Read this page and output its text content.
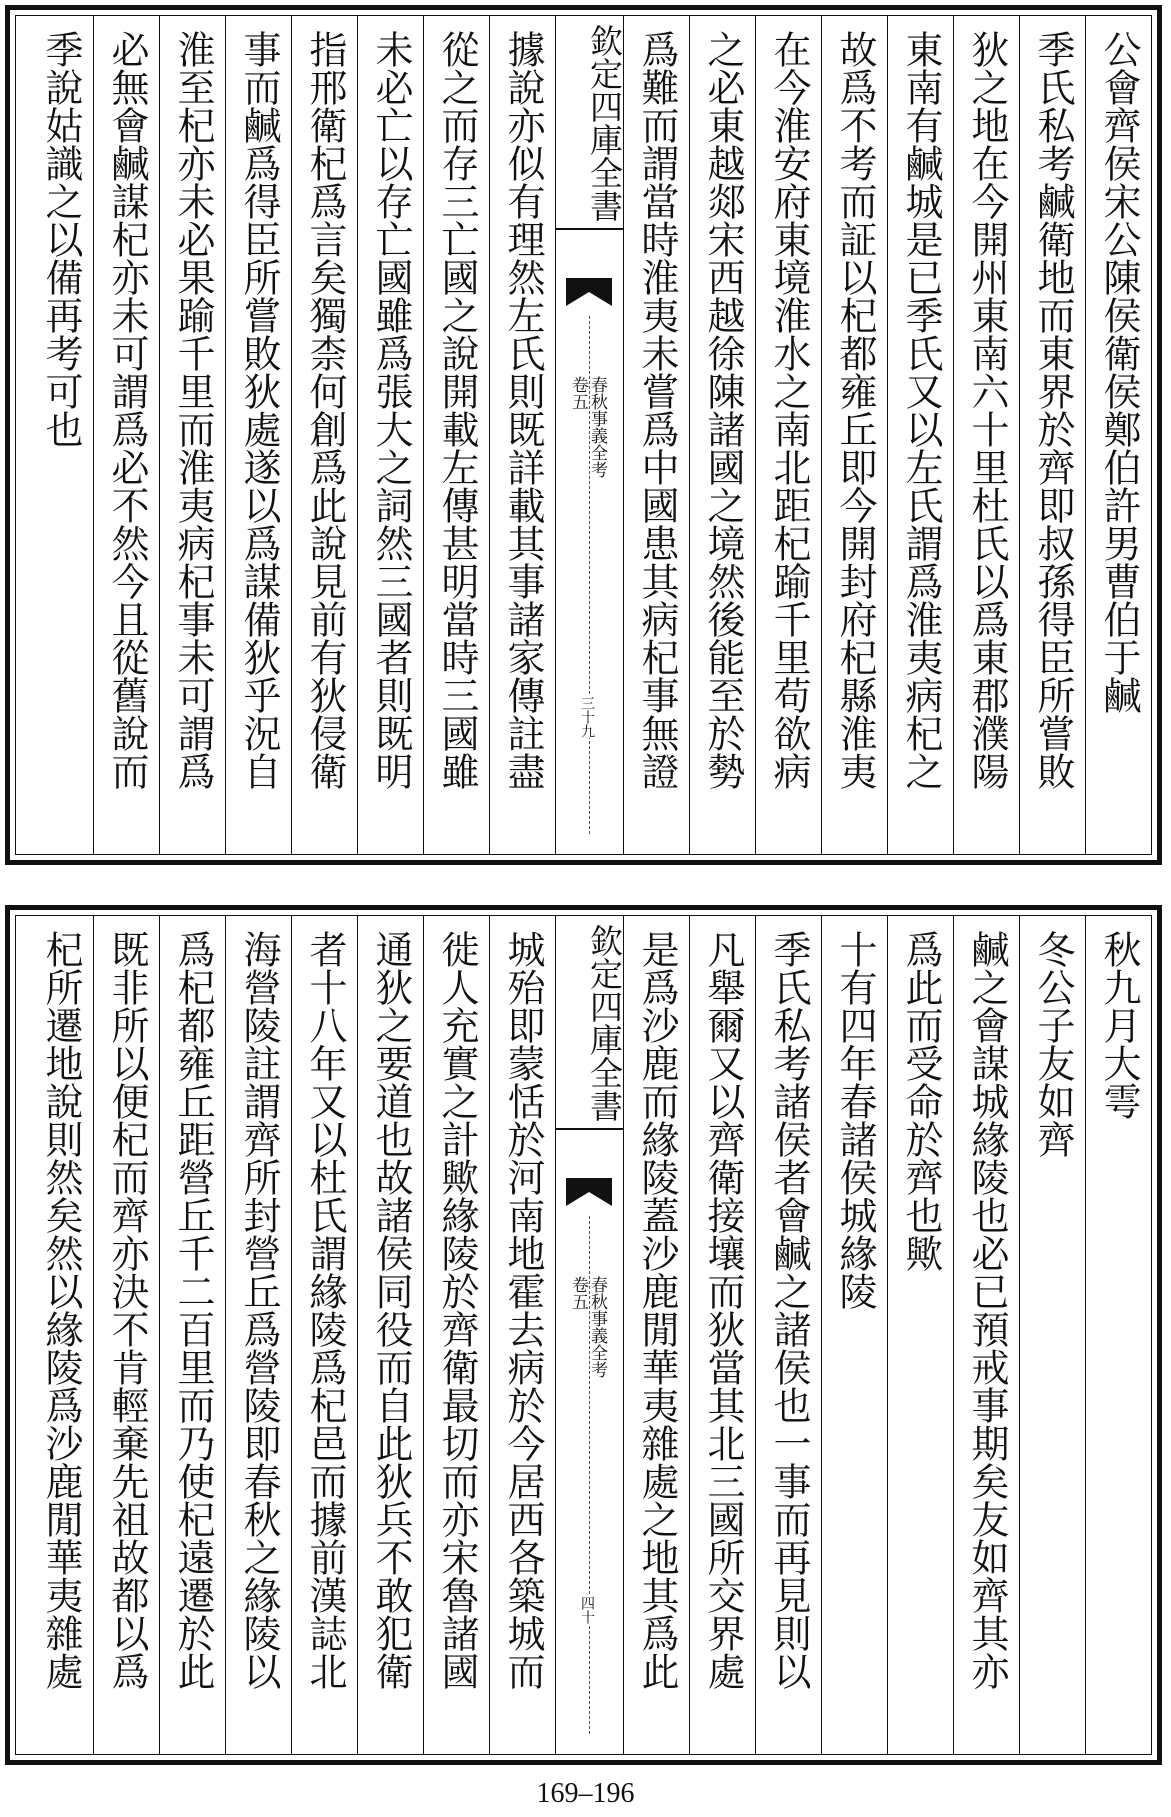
公會齊侯宋公陳侯衛侯鄭伯許男曹伯于鹹
季氏私考鹹衛地而東界於齊即叔孫得臣所嘗敗
狄之地在今開州東南六十里杜氏以爲東郡濮陽
東南有鹹城是已季氏又以左氏謂爲淮夷病杞之
故爲不考而証以杞都雍丘即今開封府杞縣淮夷
在今淮安府東境淮水之南北距杞踰千里苟欲病
之必東越郯宋西越徐陳諸國之境然後能至於勢
爲難而謂當時淮夷未嘗爲中國患其病杞事無證
欽定四庫全書
春秋事義全考
卷五
三十九
據說亦似有理然左氏則既詳載其事諸家傳註盡
從之而存三亡國之說開載左傳甚明當時三國雖
未必亡以存亡國雖爲張大之詞然三國者則既明
指邢衛杞爲言矣獨柰何創爲此說見前有狄侵衛
事而鹹爲得臣所嘗敗狄處遂以爲謀備狄乎況自
淮至杞亦未必果踰千里而淮夷病杞事未可謂爲
必無會鹹謀杞亦未可謂爲必不然今且從舊說而
季說姑識之以備再考可也
秋九月大雩
冬公子友如齊
鹹之會謀城緣陵也必已預戒事期矣友如齊其亦
爲此而受命於齊也歟
十有四年春諸侯城緣陵
季氏私考諸侯者會鹹之諸侯也一事而再見則以
凡舉爾又以齊衛接壤而狄當其北三國所交界處
是爲沙鹿而緣陵蓋沙鹿閒華夷雜處之地其爲此
欽定四庫全書
春秋事義全考
卷五
四十
城殆即蒙恬於河南地霍去病於今居西各築城而
徙人充實之計歟緣陵於齊衛最切而亦宋魯諸國
通狄之要道也故諸侯同役而自此狄兵不敢犯衛
者十八年又以杜氏謂緣陵爲杞邑而據前漢誌北
海營陵註謂齊所封營丘爲營陵即春秋之緣陵以
爲杞都雍丘距營丘千二百里而乃使杞遠遷於此
既非所以便杞而齊亦決不肯輕棄先祖故都以爲
杞所遷地說則然矣然以緣陵爲沙鹿閒華夷雜處
169–196
